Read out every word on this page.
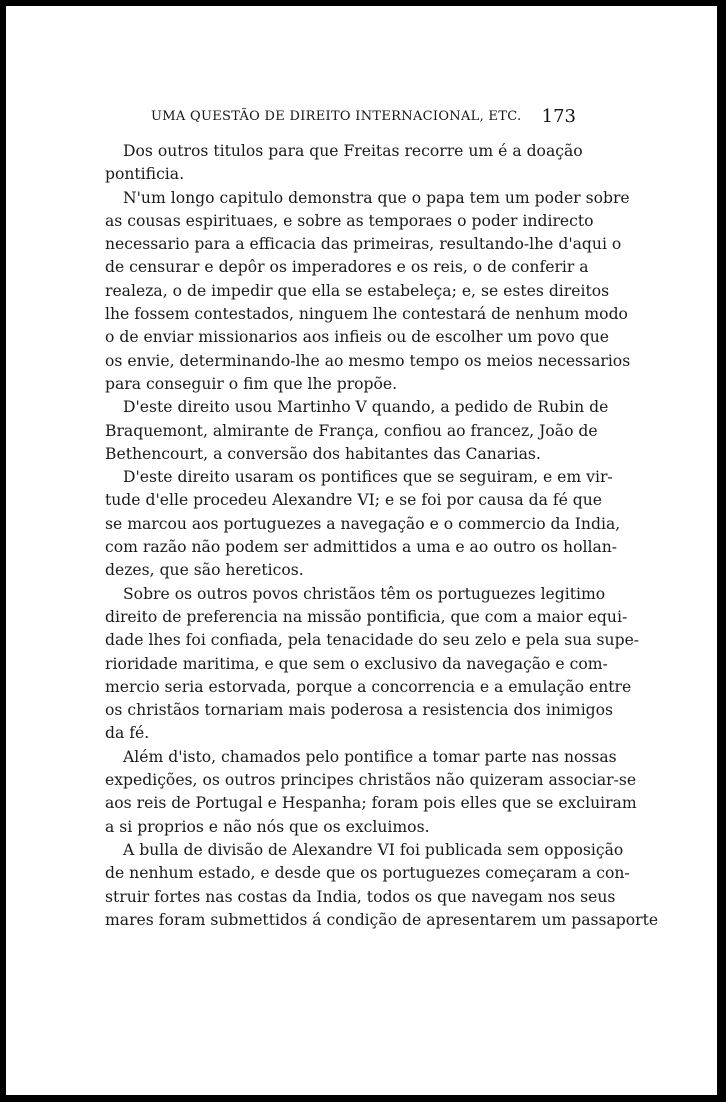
UMA QUESTÃO DE DIREITO INTERNACIONAL, ETC. 173
Dos outros titulos para que Freitas recorre um é a doação
pontificia.
N'um longo capitulo demonstra que o papa tem um poder sobre
as cousas espirituaes, e sobre as temporaes o poder indirecto
necessario para a efficacia das primeiras, resultando-lhe d'aqui o
de censurar e depôr os imperadores e os reis, o de conferir a
realeza, o de impedir que ella se estabeleça; e, se estes direitos
lhe fossem contestados, ninguem lhe contestará de nenhum modo
o de enviar missionarios aos infieis ou de escolher um povo que
os envie, determinando-lhe ao mesmo tempo os meios necessarios
para conseguir o fim que lhe propõe.
D'este direito usou Martinho V quando, a pedido de Rubin de
Braquemont, almirante de França, confiou ao francez, João de
Bethencourt, a conversão dos habitantes das Canarias.
D'este direito usaram os pontifices que se seguiram, e em vir-
tude d'elle procedeu Alexandre VI; e se foi por causa da fé que
se marcou aos portuguezes a navegação e o commercio da India,
com razão não podem ser admittidos a uma e ao outro os hollan-
dezes, que são hereticos.
Sobre os outros povos christãos têm os portuguezes legitimo
direito de preferencia na missão pontificia, que com a maior equi-
dade lhes foi confiada, pela tenacidade do seu zelo e pela sua supe-
rioridade maritima, e que sem o exclusivo da navegação e com-
mercio seria estorvada, porque a concorrencia e a emulação entre
os christãos tornariam mais poderosa a resistencia dos inimigos
da fé.
Além d'isto, chamados pelo pontifice a tomar parte nas nossas
expedições, os outros principes christãos não quizeram associar-se
aos reis de Portugal e Hespanha; foram pois elles que se excluiram
a si proprios e não nós que os excluimos.
A bulla de divisão de Alexandre VI foi publicada sem opposição
de nenhum estado, e desde que os portuguezes começaram a con-
struir fortes nas costas da India, todos os que navegam nos seus
mares foram submettidos á condição de apresentarem um passaporte
